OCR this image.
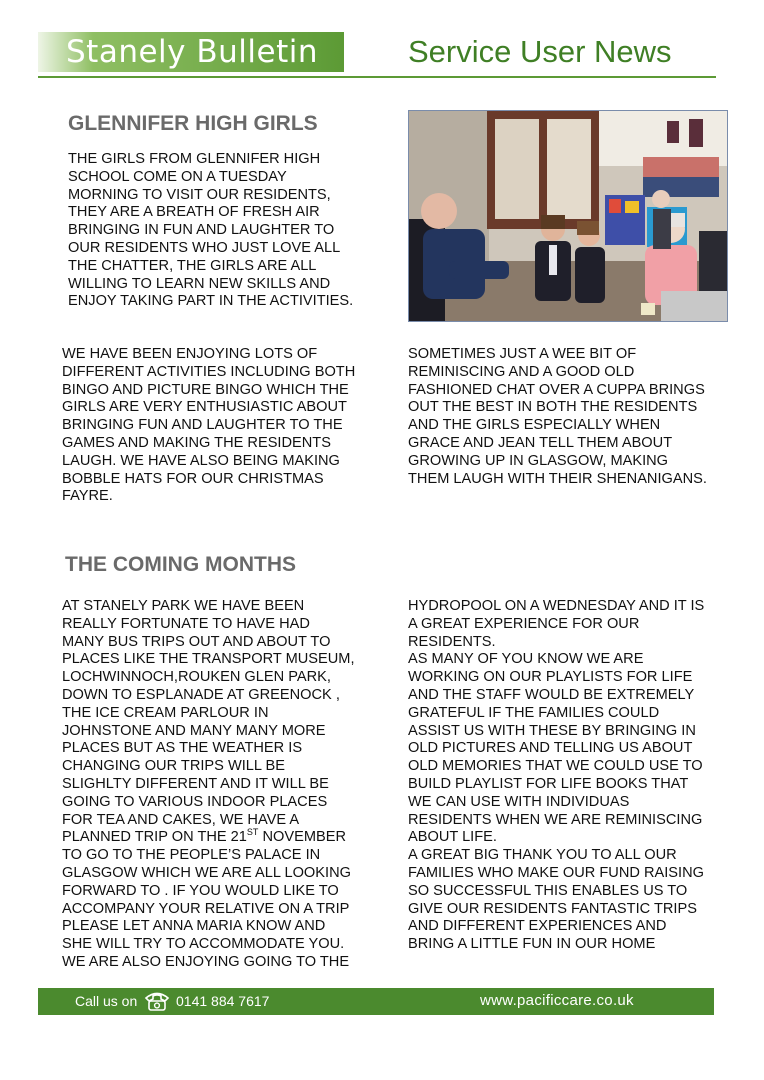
Stanely Bulletin	Service User News
GLENNIFER HIGH GIRLS
THE GIRLS FROM GLENNIFER HIGH
SCHOOL COME ON A TUESDAY
MORNING TO VISIT OUR RESIDENTS,
THEY ARE A BREATH OF FRESH AIR
BRINGING IN FUN AND LAUGHTER TO
OUR RESIDENTS WHO JUST LOVE ALL
THE CHATTER, THE GIRLS ARE ALL
WILLING TO LEARN NEW SKILLS AND
ENJOY TAKING PART IN THE ACTIVITIES.
WE HAVE BEEN ENJOYING LOTS OF
DIFFERENT ACTIVITIES INCLUDING BOTH
BINGO AND PICTURE BINGO WHICH THE
GIRLS ARE VERY ENTHUSIASTIC ABOUT
BRINGING FUN AND LAUGHTER TO THE
GAMES AND MAKING THE RESIDENTS
LAUGH. WE HAVE ALSO BEING MAKING
BOBBLE HATS FOR OUR CHRISTMAS
FAYRE.
SOMETIMES JUST A WEE BIT OF
REMINISCING AND A GOOD OLD
FASHIONED CHAT OVER A CUPPA BRINGS
OUT THE BEST IN BOTH THE RESIDENTS
AND THE GIRLS ESPECIALLY WHEN
GRACE AND JEAN TELL THEM ABOUT
GROWING UP IN GLASGOW, MAKING
THEM LAUGH WITH THEIR SHENANIGANS.
THE COMING MONTHS
AT STANELY PARK WE HAVE BEEN
REALLY FORTUNATE TO HAVE HAD
MANY BUS TRIPS OUT AND ABOUT TO
PLACES LIKE THE TRANSPORT MUSEUM,
LOCHWINNOCH,ROUKEN GLEN PARK,
DOWN TO ESPLANADE AT GREENOCK ,
THE ICE CREAM PARLOUR IN
JOHNSTONE AND MANY MANY MORE
PLACES BUT AS THE WEATHER IS
CHANGING OUR TRIPS WILL BE
SLIGHLTY DIFFERENT AND IT WILL BE
GOING TO VARIOUS INDOOR PLACES
FOR TEA AND CAKES, WE HAVE A
PLANNED TRIP ON THE 21ST NOVEMBER
TO GO TO THE PEOPLE’S PALACE IN
GLASGOW WHICH WE ARE ALL LOOKING
FORWARD TO . IF YOU WOULD LIKE TO
ACCOMPANY YOUR RELATIVE ON A TRIP
PLEASE LET ANNA MARIA KNOW AND
SHE WILL TRY TO ACCOMMODATE YOU.
WE ARE ALSO ENJOYING GOING TO THE
HYDROPOOL ON A WEDNESDAY AND IT IS
A GREAT EXPERIENCE FOR OUR
RESIDENTS.
AS MANY OF YOU KNOW WE ARE
WORKING ON OUR PLAYLISTS FOR LIFE
AND THE STAFF WOULD BE EXTREMELY
GRATEFUL IF THE FAMILIES COULD
ASSIST US WITH THESE BY BRINGING IN
OLD PICTURES AND TELLING US ABOUT
OLD MEMORIES THAT WE COULD USE TO
BUILD PLAYLIST FOR LIFE BOOKS THAT
WE CAN USE WITH INDIVIDUAS
RESIDENTS WHEN WE ARE REMINISCING
ABOUT LIFE.
A GREAT BIG THANK YOU TO ALL OUR
FAMILIES WHO MAKE OUR FUND RAISING
SO SUCCESSFUL THIS ENABLES US TO
GIVE OUR RESIDENTS FANTASTIC TRIPS
AND DIFFERENT EXPERIENCES AND
BRING A LITTLE FUN IN OUR HOME
Call us on	0141 884 7617	www.pacificcare.co.uk
